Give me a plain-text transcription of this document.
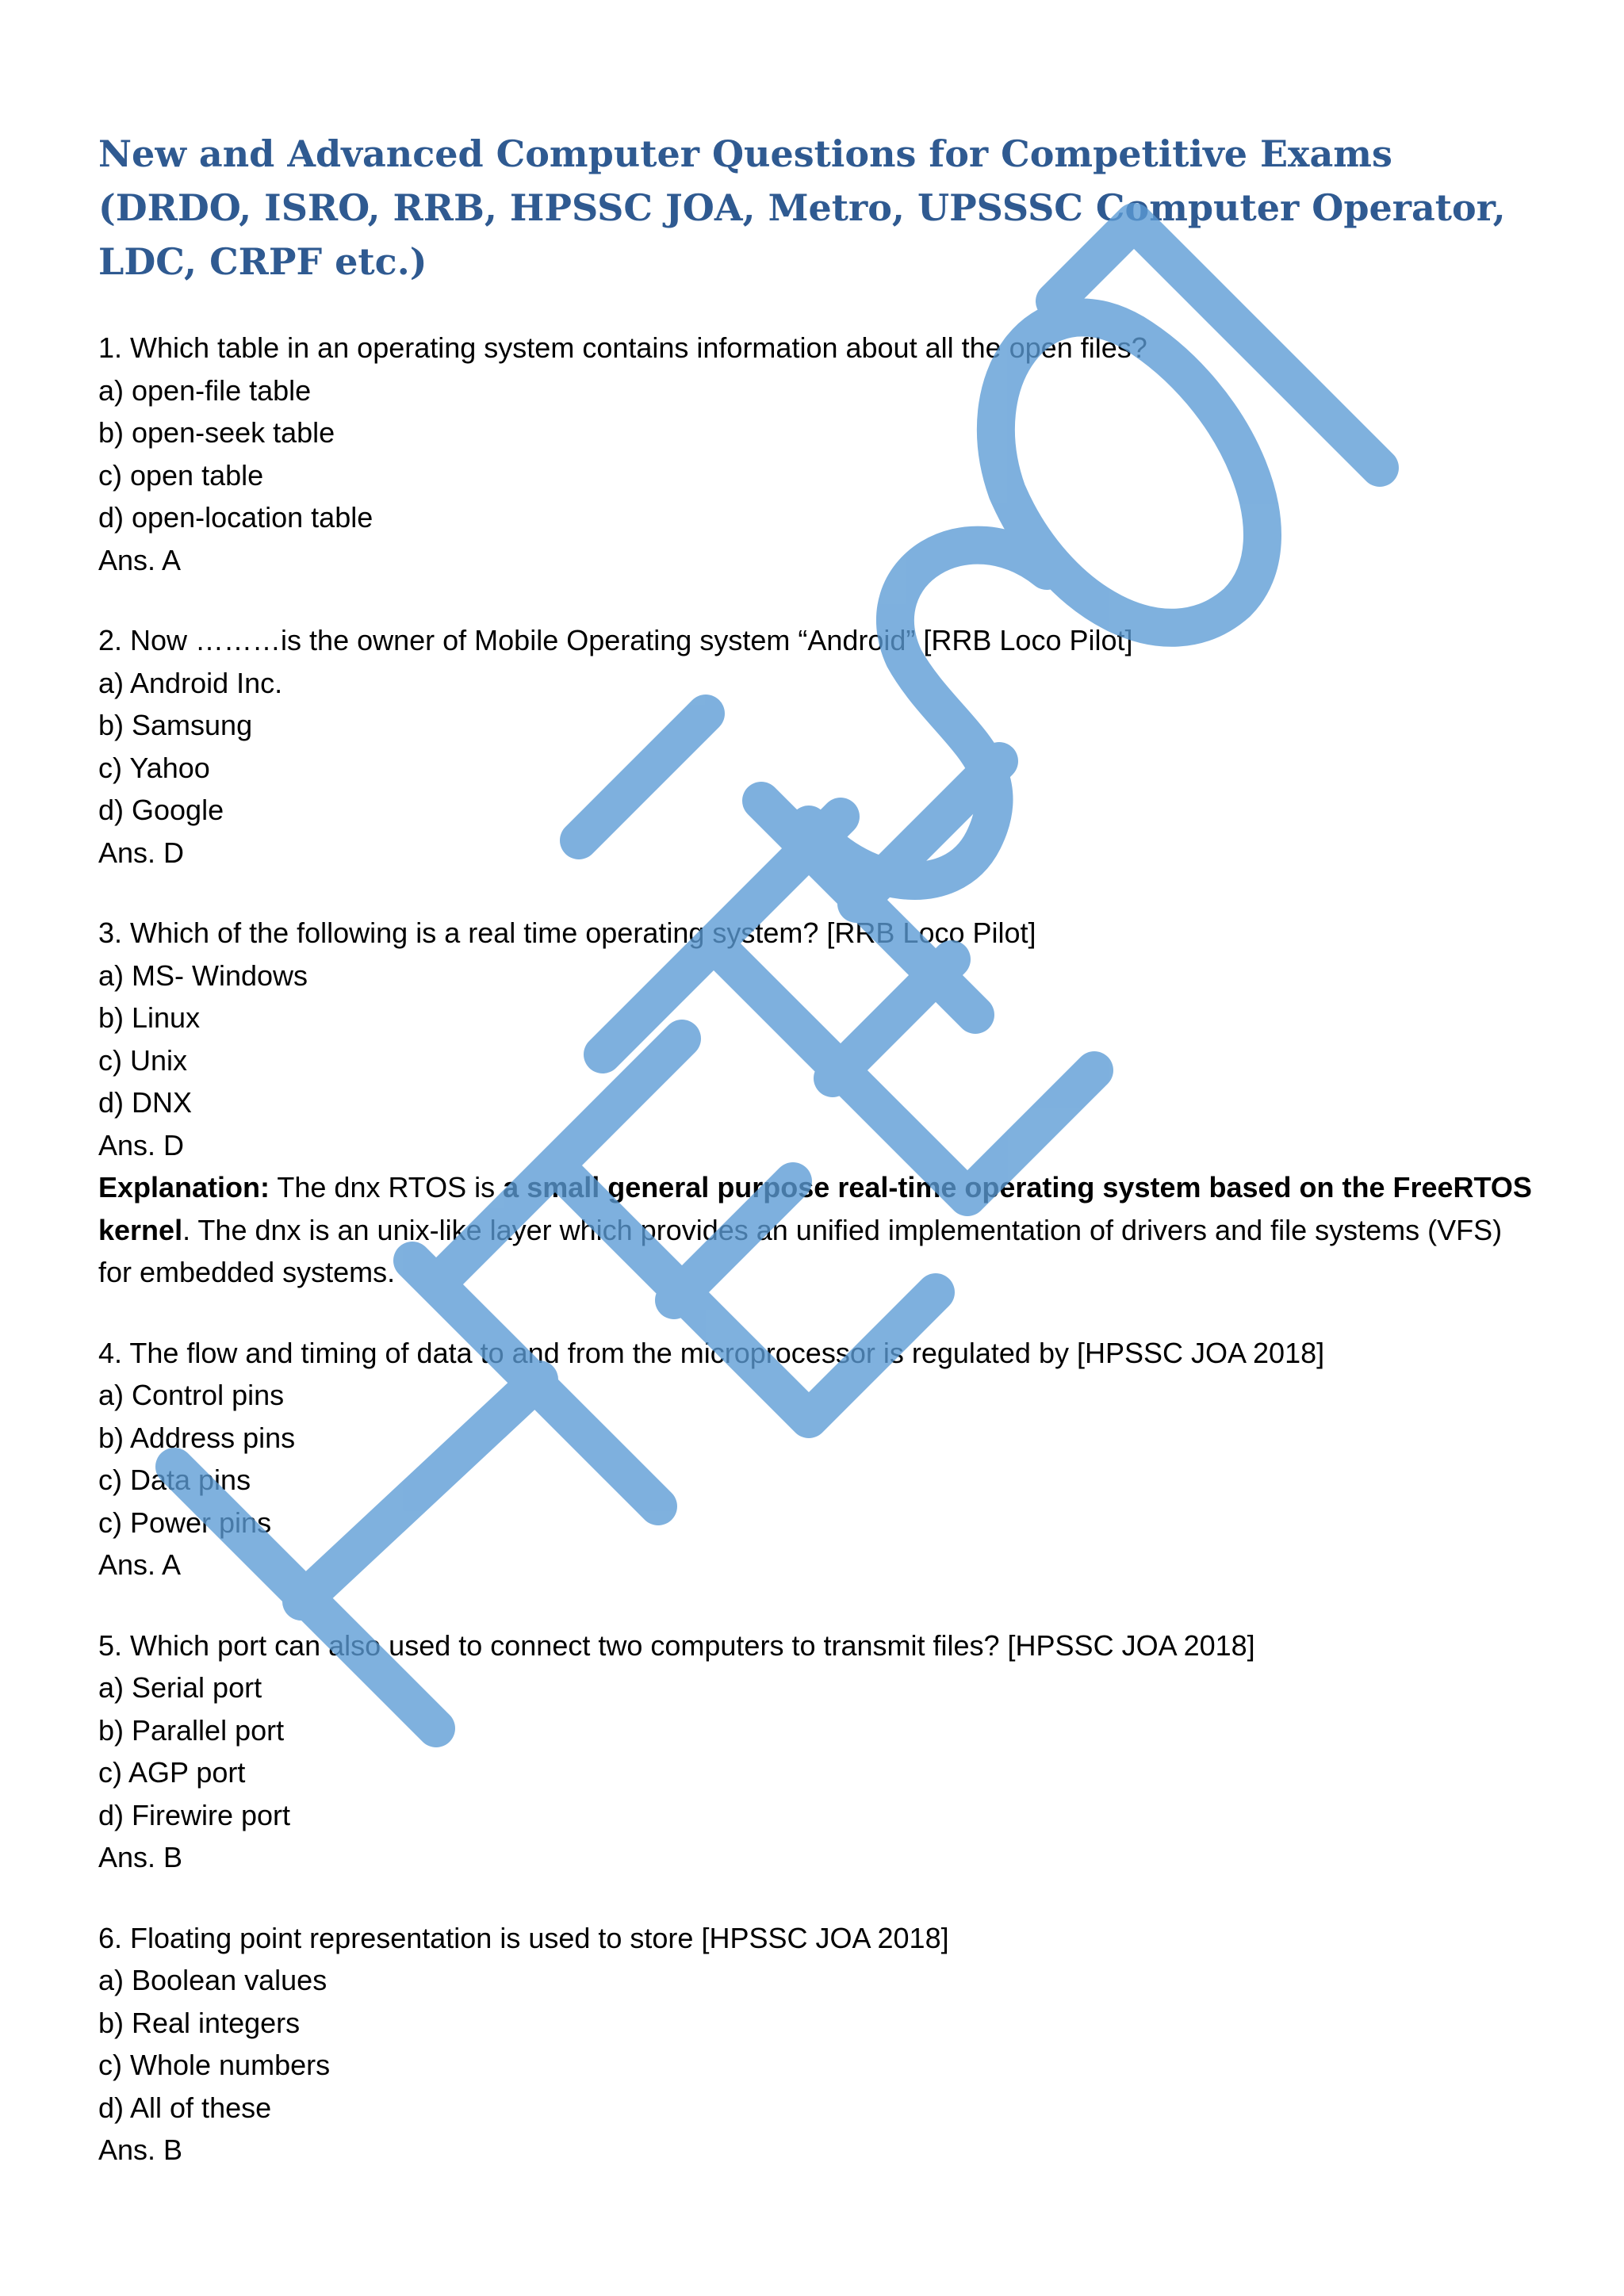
New and Advanced Computer Questions for Competitive Exams
(DRDO, ISRO, RRB, HPSSC JOA, Metro, UPSSSC Computer Operator, LDC, CRPF etc.)
1. Which table in an operating system contains information about all the open files?
a) open-file table
b) open-seek table
c) open table
d) open-location table
Ans. A
2. Now ………is the owner of Mobile Operating system “Android” [RRB Loco Pilot]
a) Android Inc.
b) Samsung
c) Yahoo
d) Google
Ans. D
3. Which of the following is a real time operating system? [RRB Loco Pilot]
a) MS- Windows
b) Linux
c) Unix
d) DNX
Ans. D
Explanation: The dnx RTOS is a small general purpose real-time operating system based on the FreeRTOS kernel. The dnx is an unix-like layer which provides an unified implementation of drivers and file systems (VFS) for embedded systems.
4. The flow and timing of data to and from the microprocessor is regulated by [HPSSC JOA 2018]
a) Control pins
b) Address pins
c) Data pins
c) Power pins
Ans. A
5. Which port can also used to connect two computers to transmit files? [HPSSC JOA 2018]
a) Serial port
b) Parallel port
c) AGP port
d) Firewire port
Ans. B
6. Floating point representation is used to store [HPSSC JOA 2018]
a) Boolean values
b) Real integers
c) Whole numbers
d) All of these
Ans. B
